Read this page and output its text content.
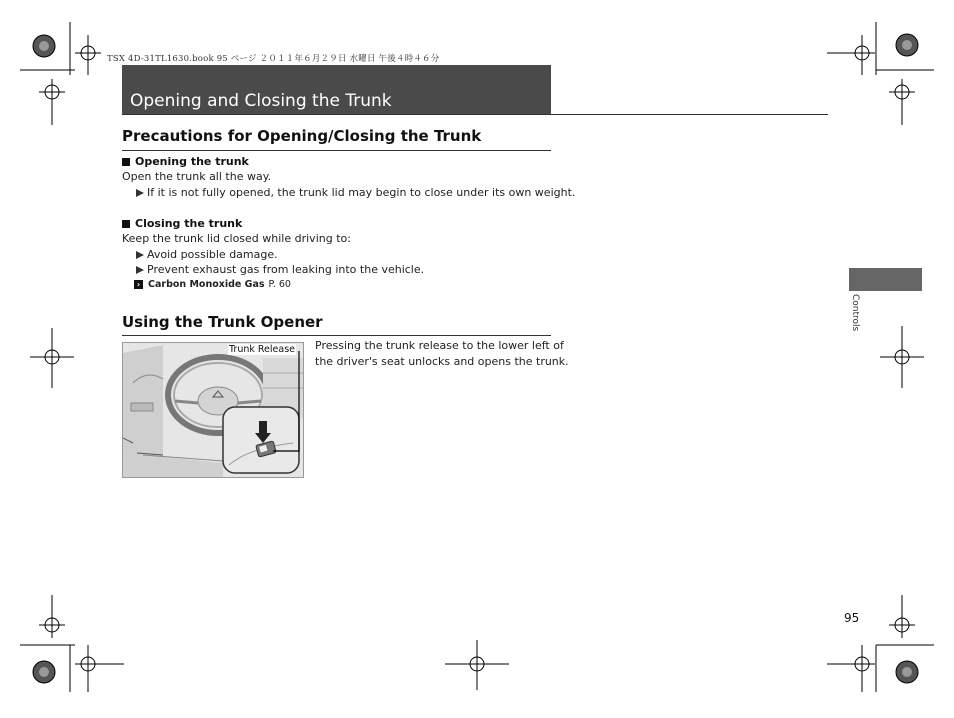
TSX 4D-31TL1630.book 95 ページ ２０１１年６月２９日 水曜日 午後４時４６分
Opening and Closing the Trunk
Precautions for Opening/Closing the Trunk
Opening the trunk
Open the trunk all the way.
If it is not fully opened, the trunk lid may begin to close under its own weight.
Closing the trunk
Keep the trunk lid closed while driving to:
Avoid possible damage.
Prevent exhaust gas from leaking into the vehicle.
› Carbon Monoxide Gas P. 60
Using the Trunk Opener
Trunk Release Pressing the trunk release to the lower left of
the driver's seat unlocks and opens the trunk.
Controls
95
